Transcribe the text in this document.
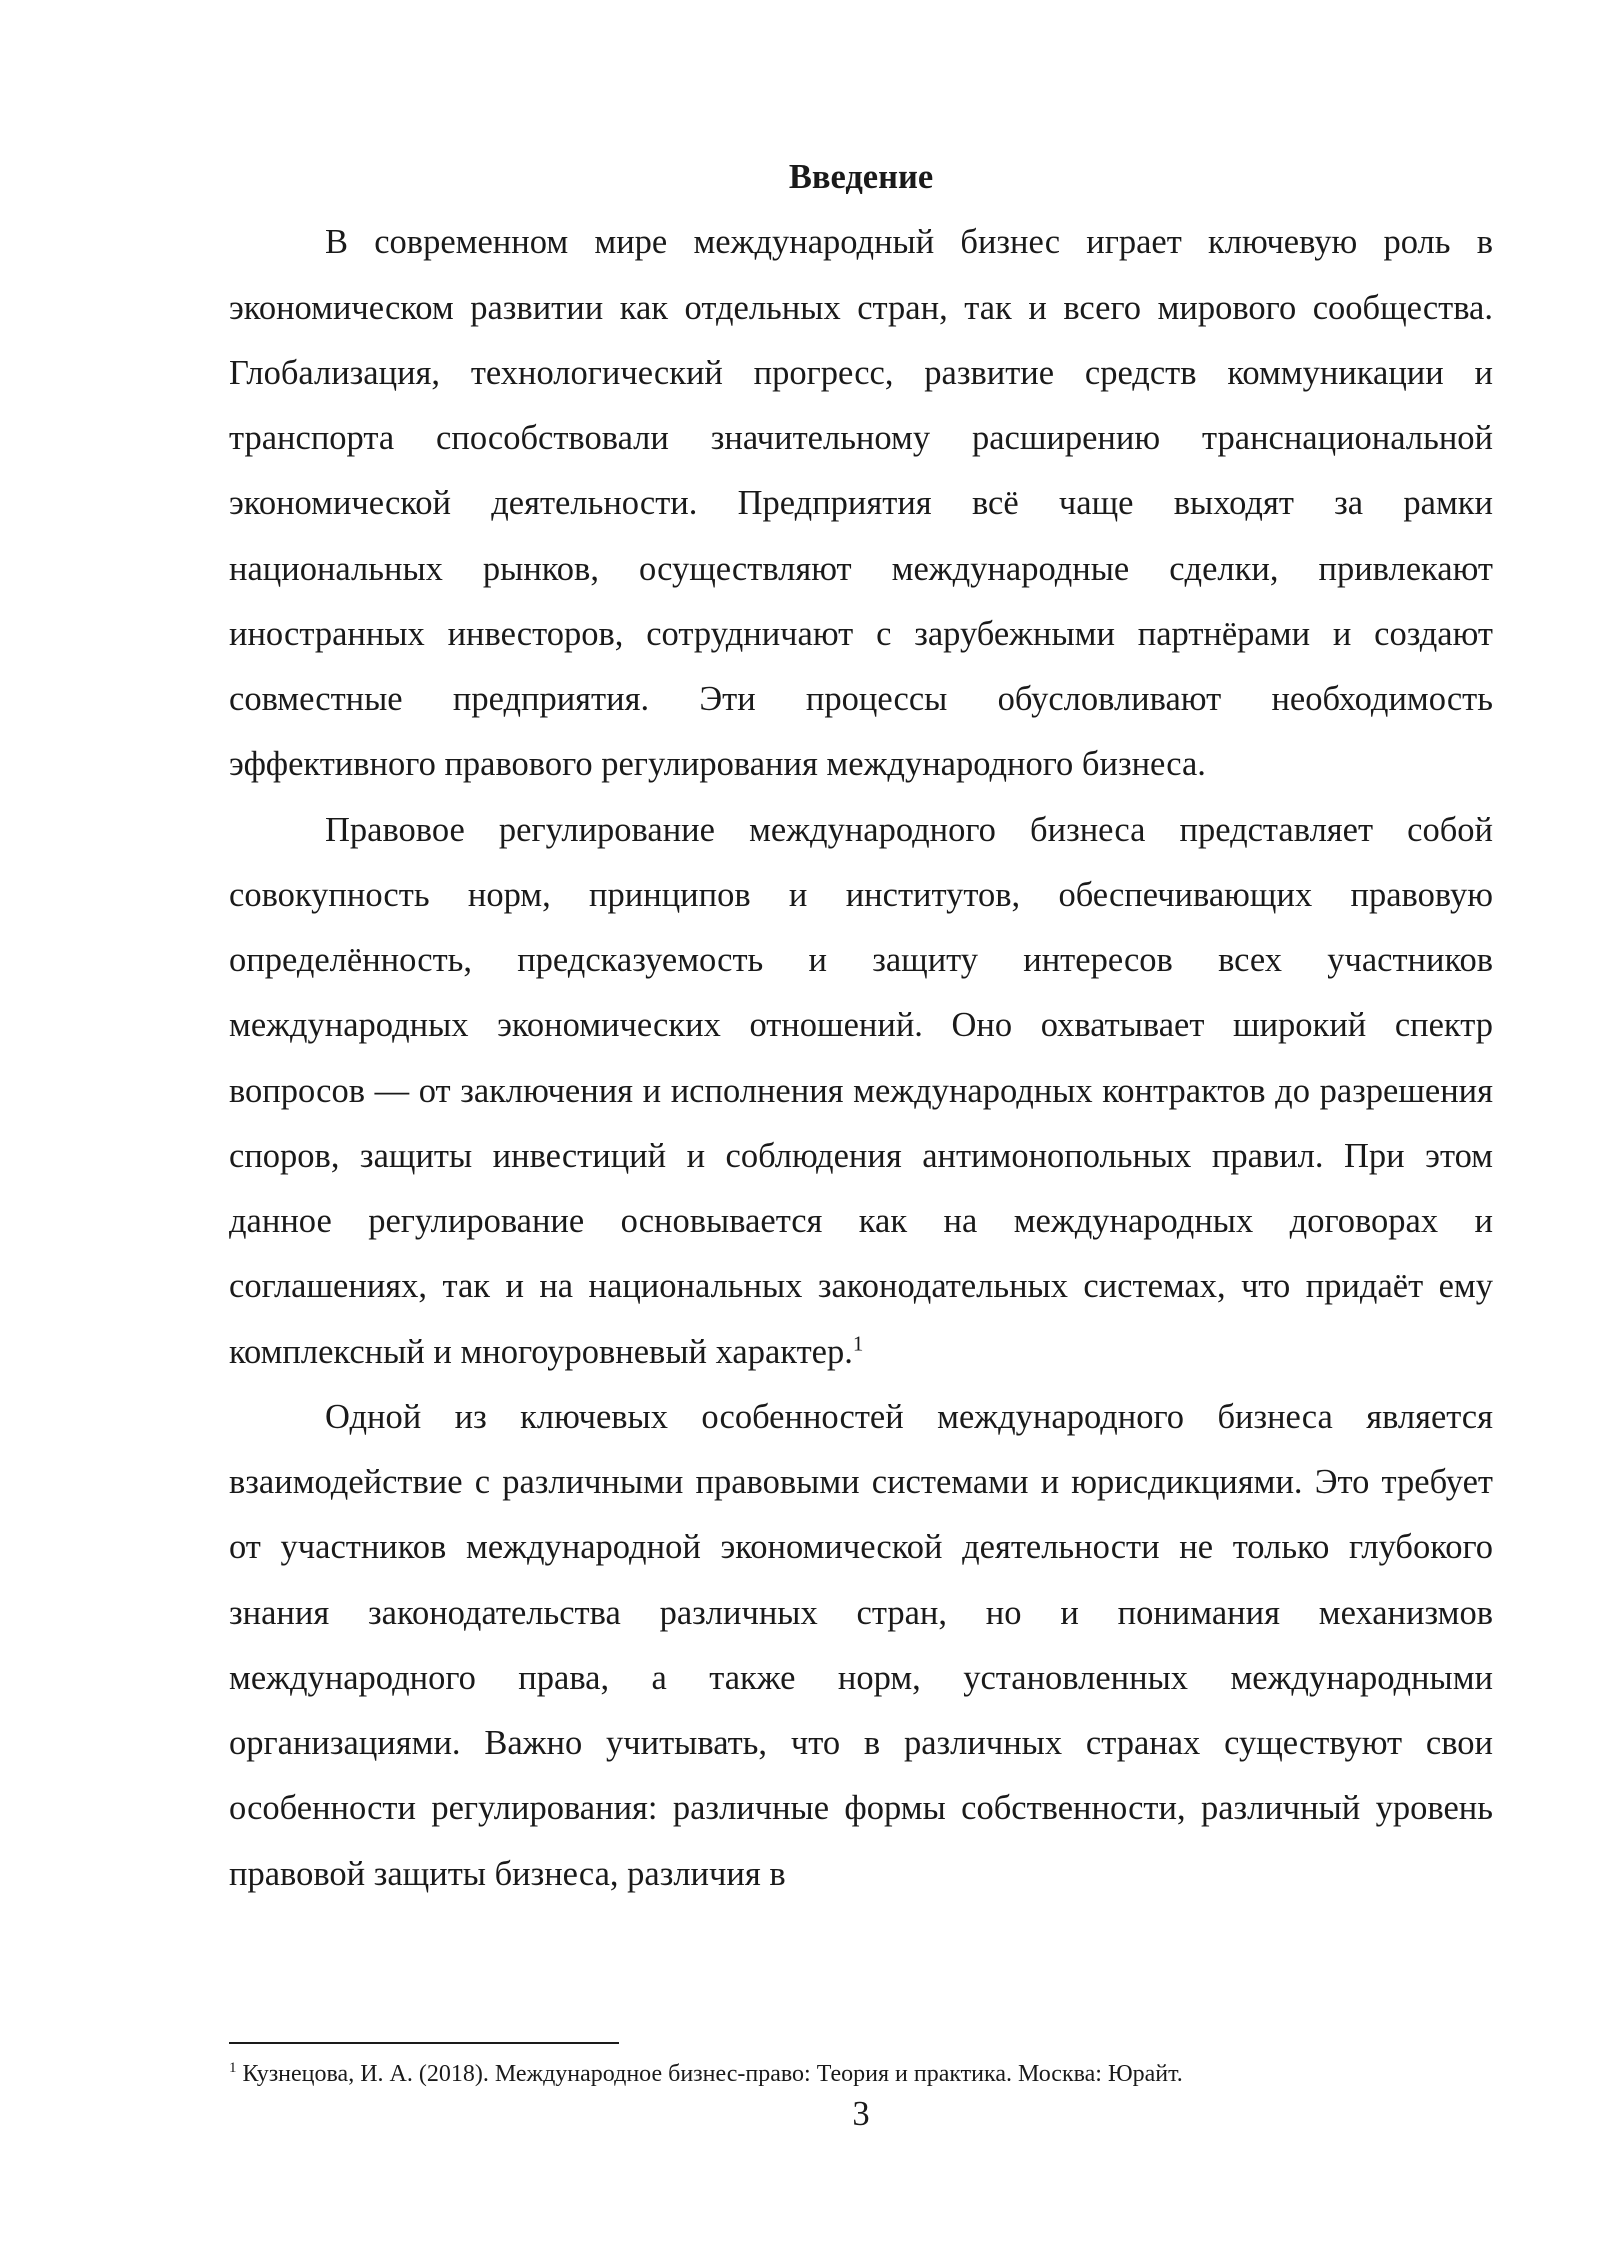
Введение

В современном мире международный бизнес играет ключевую роль в экономическом развитии как отдельных стран, так и всего мирового сообщества. Глобализация, технологический прогресс, развитие средств коммуникации и транспорта способствовали значительному расширению транснациональной экономической деятельности. Предприятия всё чаще выходят за рамки национальных рынков, осуществляют международные сделки, привлекают иностранных инвесторов, сотрудничают с зарубежными партнёрами и создают совместные предприятия. Эти процессы обусловливают необходимость эффективного правового регулирования международного бизнеса.

Правовое регулирование международного бизнеса представляет собой совокупность норм, принципов и институтов, обеспечивающих правовую определённость, предсказуемость и защиту интересов всех участников международных экономических отношений. Оно охватывает широкий спектр вопросов — от заключения и исполнения международных контрактов до разрешения споров, защиты инвестиций и соблюдения антимонопольных правил. При этом данное регулирование основывается как на международных договорах и соглашениях, так и на национальных законодательных системах, что придаёт ему комплексный и многоуровневый характер.$^1$

Одной из ключевых особенностей международного бизнеса является взаимодействие с различными правовыми системами и юрисдикциями. Это требует от участников международной экономической деятельности не только глубокого знания законодательства различных стран, но и понимания механизмов международного права, а также норм, установленных международными организациями. Важно учитывать, что в различных странах существуют свои особенности регулирования: различные формы собственности, различный уровень правовой защиты бизнеса, различия в

$^1$ Кузнецова, И. А. (2018). Международное бизнес-право: Теория и практика. Москва: Юрайт.

3
